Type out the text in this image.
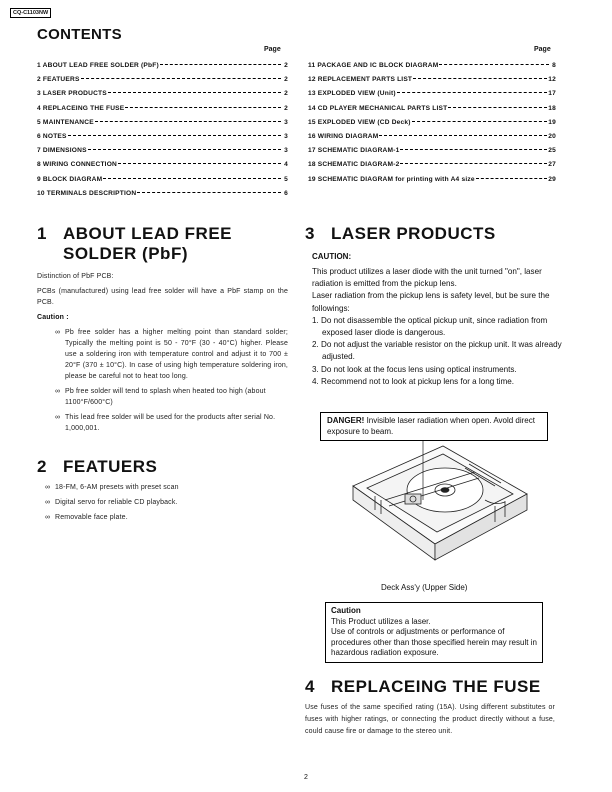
CQ-C1103NW
CONTENTS
Page	Page
1 ABOUT LEAD FREE SOLDER (PbF)	2
2 FEATUERS	2
3 LASER PRODUCTS	2
4 REPLACEING THE FUSE	2
5 MAINTENANCE	3
6 NOTES	3
7 DIMENSIONS	3
8 WIRING CONNECTION	4
9 BLOCK DIAGRAM	5
10 TERMINALS DESCRIPTION	6
11 PACKAGE AND IC BLOCK DIAGRAM	8
12 REPLACEMENT PARTS LIST	12
13 EXPLODED VIEW (Unit)	17
14 CD PLAYER MECHANICAL PARTS LIST	18
15 EXPLODED VIEW (CD Deck)	19
16 WIRING DIAGRAM	20
17 SCHEMATIC DIAGRAM-1	25
18 SCHEMATIC DIAGRAM-2	27
19 SCHEMATIC DIAGRAM for printing with A4 size	29
1 ABOUT LEAD FREE
SOLDER (PbF)
Distinction of PbF PCB:
PCBs (manufactured) using lead free solder will have a PbF stamp on the PCB.
Caution :
∞ Pb free solder has a higher melting point than standard solder; Typically the melting point is 50 - 70°F (30 - 40°C) higher. Please use a soldering iron with temperature control and adjust it to 700 ± 20°F (370 ± 10°C). In case of using high temperature soldering iron, please be careful not to heat too long.
∞ Pb free solder will tend to splash when heated too high (about 1100°F/600°C)
∞ This lead free solder will be used for the products after serial No. 1,000,001.
2 FEATUERS
∞ 18-FM, 6-AM presets with preset scan
∞ Digital servo for reliable CD playback.
∞ Removable face plate.
3 LASER PRODUCTS
CAUTION:
This product utilizes a laser diode with the unit turned "on", laser radiation is emitted from the pickup lens.
Laser radiation from the pickup lens is safety level, but be sure the followings:
1. Do not disassemble the optical pickup unit, since radiation from exposed laser diode is dangerous.
2. Do not adjust the variable resistor on the pickup unit. It was already adjusted.
3. Do not look at the focus lens using optical instruments.
4. Recommend not to look at pickup lens for a long time.
DANGER! Invisible laser radiation when open. Avold direct exposure to beam.
Deck Ass'y (Upper Side)
Caution
This Product utilizes a laser.
Use of controls or adjustments or performance of procedures other than those specified herein may result in hazardous radiation exposure.
4 REPLACEING THE FUSE
Use fuses of the same specified rating (15A). Using different substitutes or fuses with higher ratings, or connecting the product directly without a fuse, could cause fire or damage to the stereo unit.
2
